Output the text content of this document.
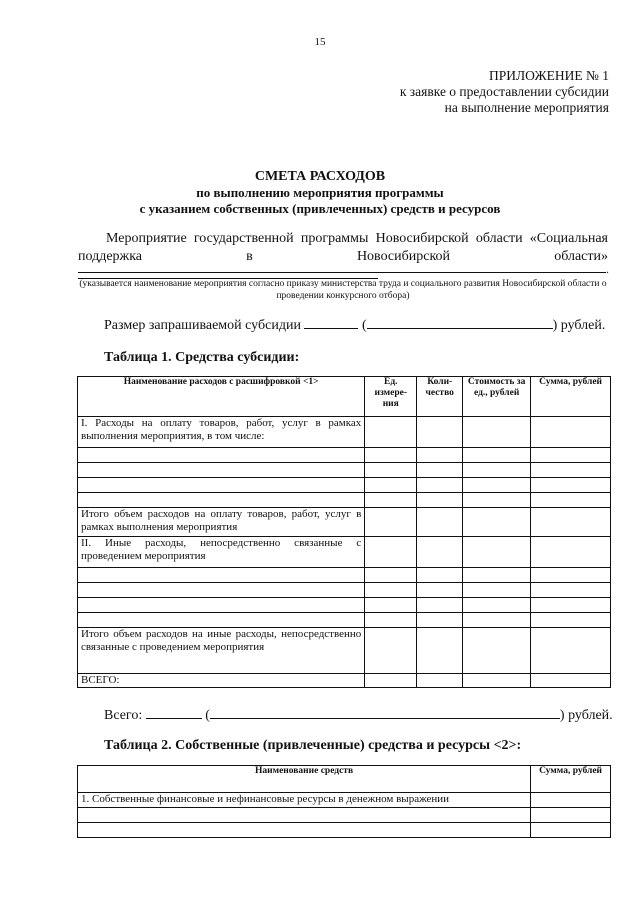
15
ПРИЛОЖЕНИЕ № 1
к заявке о предоставлении субсидии
на выполнение мероприятия
СМЕТА РАСХОДОВ
по выполнению мероприятия программы
с указанием собственных (привлеченных) средств и ресурсов
Мероприятие государственной программы Новосибирской области «Социальная поддержка в Новосибирской области»
.
(указывается наименование мероприятия согласно приказу министерства труда и социального развития Новосибирской области о проведении конкурсного отбора)
Размер запрашиваемой субсидии	(	) рублей.
Таблица 1. Средства субсидии:
Наименование расходов с расшифровкой <1>	Ед. измере-ния	Коли-чество	Стоимость за ед., рублей	Сумма, рублей
I. Расходы на оплату товаров, работ, услуг в рамках выполнения мероприятия, в том числе:				

Итого объем расходов на оплату товаров, работ, услуг в рамках выполнения мероприятия				
II. Иные расходы, непосредственно связанные с проведением мероприятия				

Итого объем расходов на иные расходы, непосредственно связанные с проведением мероприятия				
ВСЕГО:				
Всего:	(	) рублей.
Таблица 2. Собственные (привлеченные) средства и ресурсы <2>:
Наименование средств	Сумма, рублей
1. Собственные финансовые и нефинансовые ресурсы в денежном выражении	
